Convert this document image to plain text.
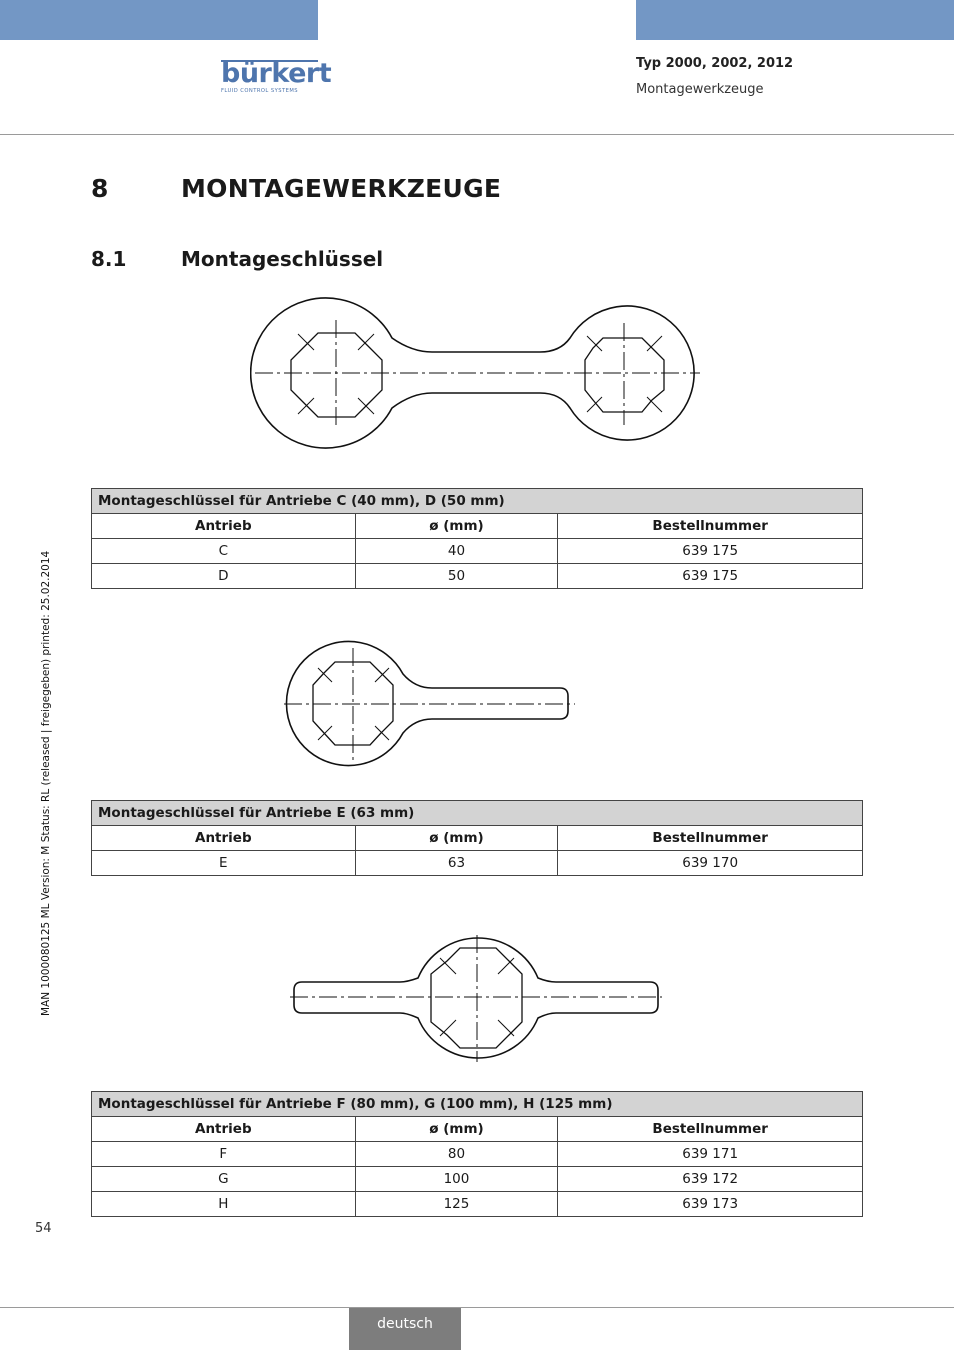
bürkert
FLUID CONTROL SYSTEMS
Typ 2000, 2002, 2012
Montagewerkzeuge
8	MONTAGEWERKZEUGE
8.1	Montageschlüssel
Montageschlüssel für Antriebe C (40 mm), D (50 mm)		
Antrieb	ø (mm)	Bestellnummer
C	40	639 175
D	50	639 175
Montageschlüssel für Antriebe E (63 mm)		
Antrieb	ø (mm)	Bestellnummer
E	63	639 170
Montageschlüssel für Antriebe F (80 mm), G (100 mm), H (125 mm)		
Antrieb	ø (mm)	Bestellnummer
F	80	639 171
G	100	639 172
H	125	639 173
MAN 1000080125 ML Version: M Status: RL (released | freigegeben) printed: 25.02.2014
54
deutsch
